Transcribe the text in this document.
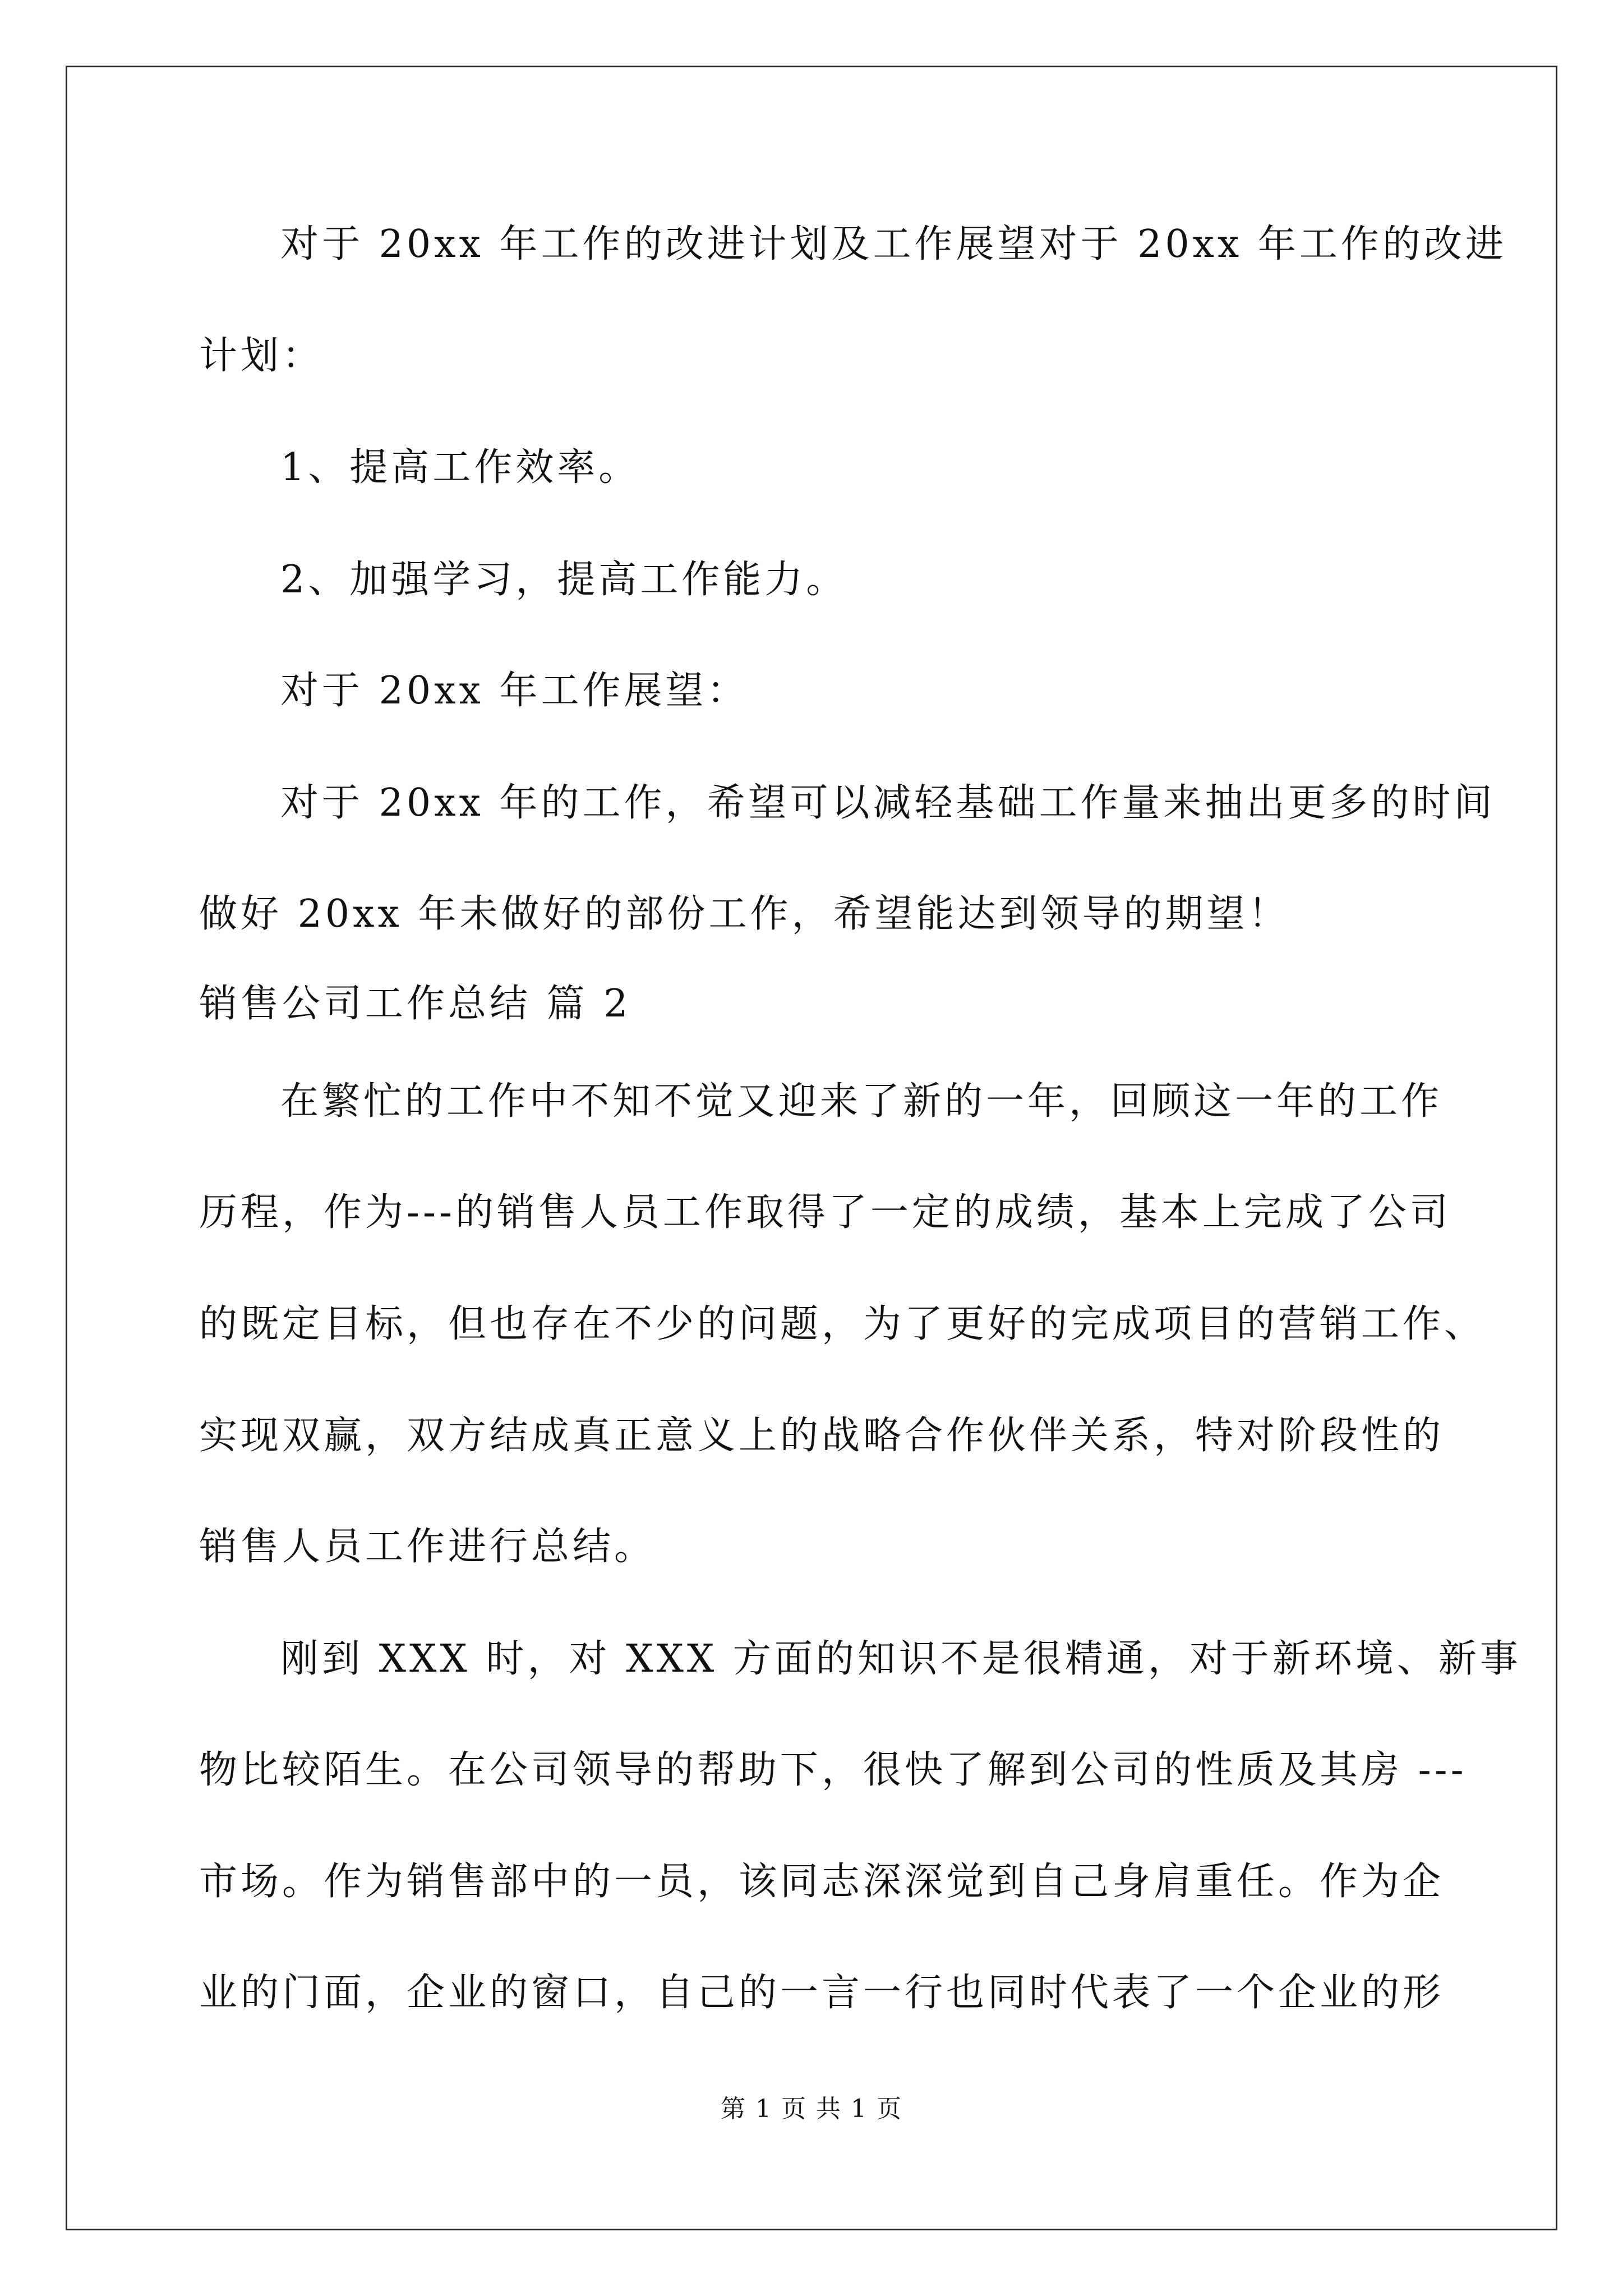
对于 20xx 年工作的改进计划及工作展望对于 20xx 年工作的改进
计划：
1、提高工作效率。
2、加强学习，提高工作能力。
对于 20xx 年工作展望：
对于 20xx 年的工作，希望可以减轻基础工作量来抽出更多的时间
做好 20xx 年未做好的部份工作，希望能达到领导的期望！
销售公司工作总结 篇 2
在繁忙的工作中不知不觉又迎来了新的一年，回顾这一年的工作
历程，作为---的销售人员工作取得了一定的成绩，基本上完成了公司
的既定目标，但也存在不少的问题，为了更好的完成项目的营销工作、
实现双赢，双方结成真正意义上的战略合作伙伴关系，特对阶段性的
销售人员工作进行总结。
刚到 XXX 时，对 XXX 方面的知识不是很精通，对于新环境、新事
物比较陌生。在公司领导的帮助下，很快了解到公司的性质及其房 ---
市场。作为销售部中的一员，该同志深深觉到自己身肩重任。作为企
业的门面，企业的窗口，自己的一言一行也同时代表了一个企业的形
第 1 页 共 1 页
